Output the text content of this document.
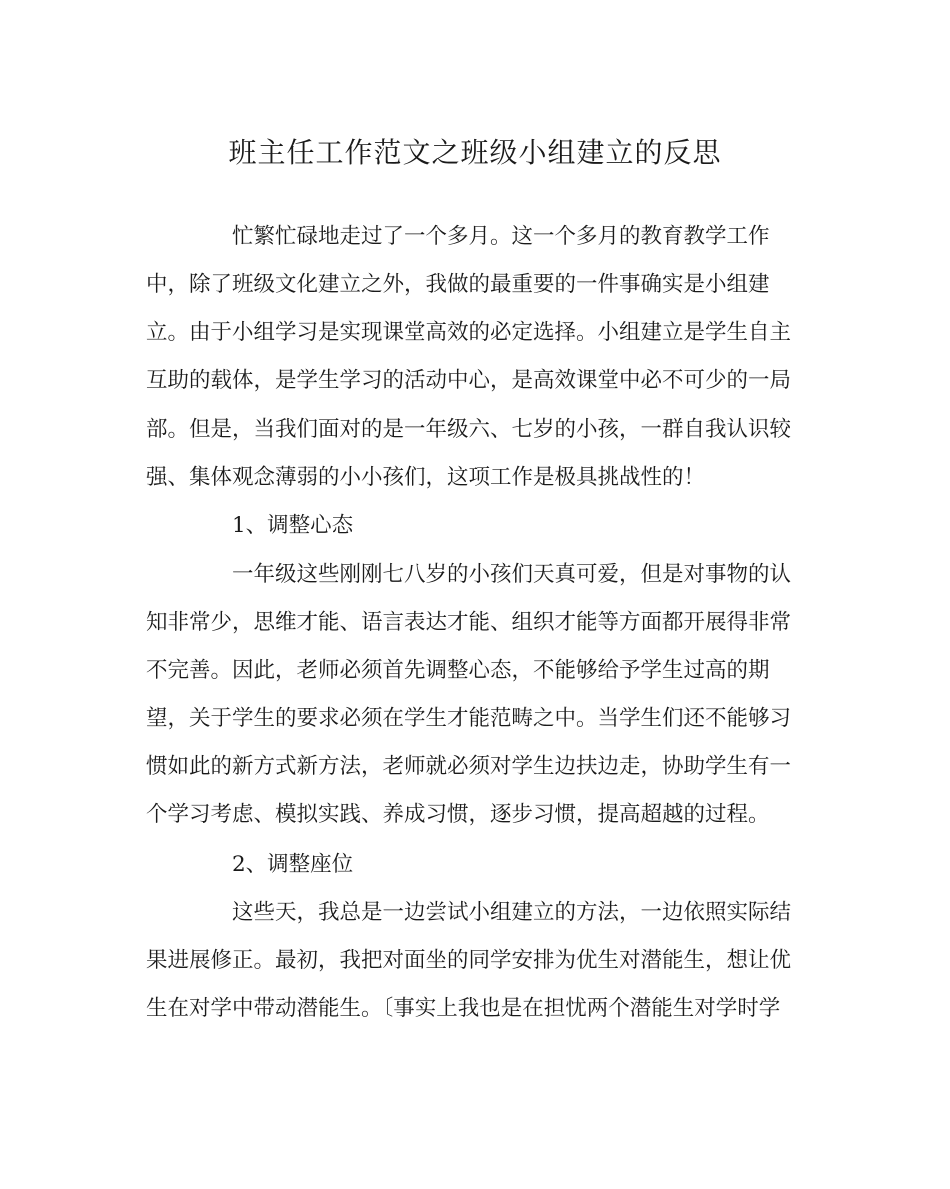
班主任工作范文之班级小组建立的反思
忙繁忙碌地走过了一个多月。这一个多月的教育教学工作
中，除了班级文化建立之外，我做的最重要的一件事确实是小组建
立。由于小组学习是实现课堂高效的必定选择。小组建立是学生自主
互助的载体，是学生学习的活动中心，是高效课堂中必不可少的一局
部。但是，当我们面对的是一年级六、七岁的小孩，一群自我认识较
强、集体观念薄弱的小小孩们，这项工作是极具挑战性的！
1、调整心态
一年级这些刚刚七八岁的小孩们天真可爱，但是对事物的认
知非常少，思维才能、语言表达才能、组织才能等方面都开展得非常
不完善。因此，老师必须首先调整心态，不能够给予学生过高的期
望，关于学生的要求必须在学生才能范畴之中。当学生们还不能够习
惯如此的新方式新方法，老师就必须对学生边扶边走，协助学生有一
个学习考虑、模拟实践、养成习惯，逐步习惯，提高超越的过程。
2、调整座位
这些天，我总是一边尝试小组建立的方法，一边依照实际结
果进展修正。最初，我把对面坐的同学安排为优生对潜能生，想让优
生在对学中带动潜能生。〔事实上我也是在担忧两个潜能生对学时学
